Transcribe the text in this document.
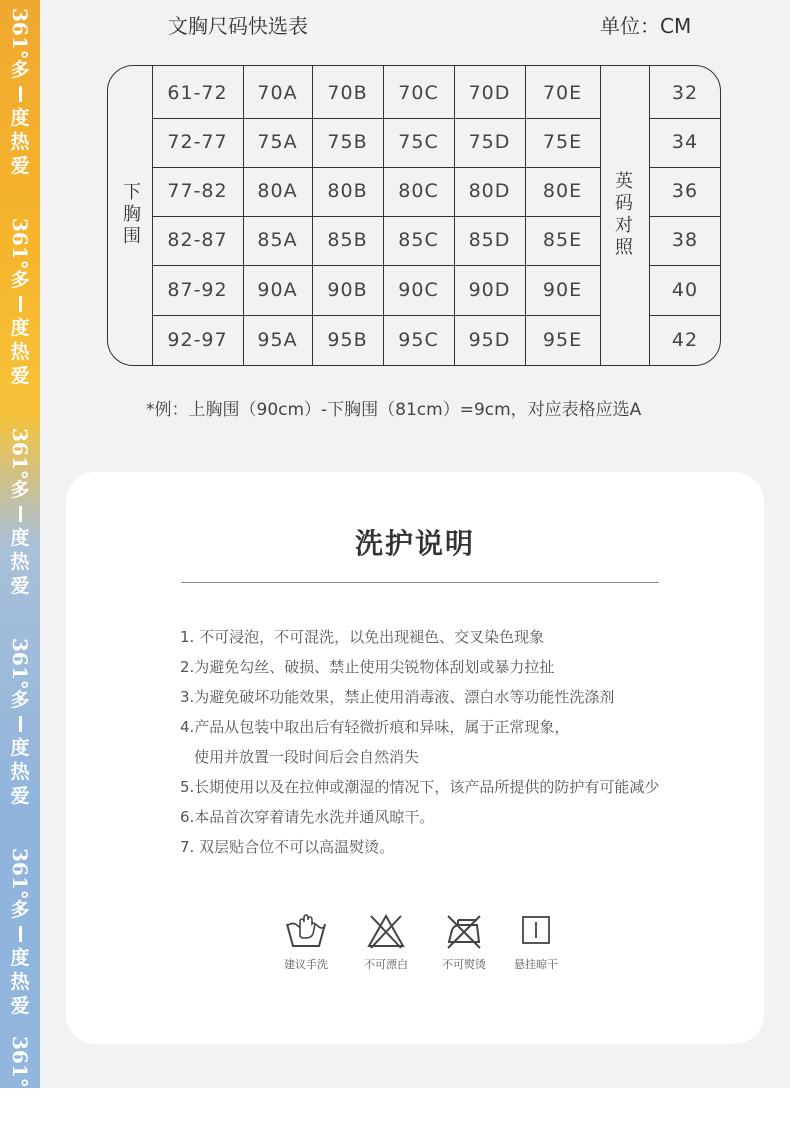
361°
多
度
热
爱
361°
多
度
热
爱
361°
多
度
热
爱
361°
多
度
热
爱
361°
多
度
热
爱
361°
文胸尺码快选表	单位：CM
下
胸
围
英
码
对
照
61-72	70A	70B	70C	70D	70E	32
72-77	75A	75B	75C	75D	75E	34
77-82	80A	80B	80C	80D	80E	36
82-87	85A	85B	85C	85D	85E	38
87-92	90A	90B	90C	90D	90E	40
92-97	95A	95B	95C	95D	95E	42
*例：上胸围（90cm）-下胸围（81cm）=9cm，对应表格应选A
洗护说明
1. 不可浸泡，不可混洗，以免出现褪色、交叉染色现象
2.为避免勾丝、破损、禁止使用尖锐物体刮划或暴力拉扯
3.为避免破坏功能效果，禁止使用消毒液、漂白水等功能性洗涤剂
4.产品从包装中取出后有轻微折痕和异味，属于正常现象，
使用并放置一段时间后会自然消失
5.长期使用以及在拉伸或潮湿的情况下，该产品所提供的防护有可能减少
6.本品首次穿着请先水洗并通风晾干。
7. 双层贴合位不可以高温熨烫。
建议手洗	不可漂白	不可熨烫	悬挂晾干
